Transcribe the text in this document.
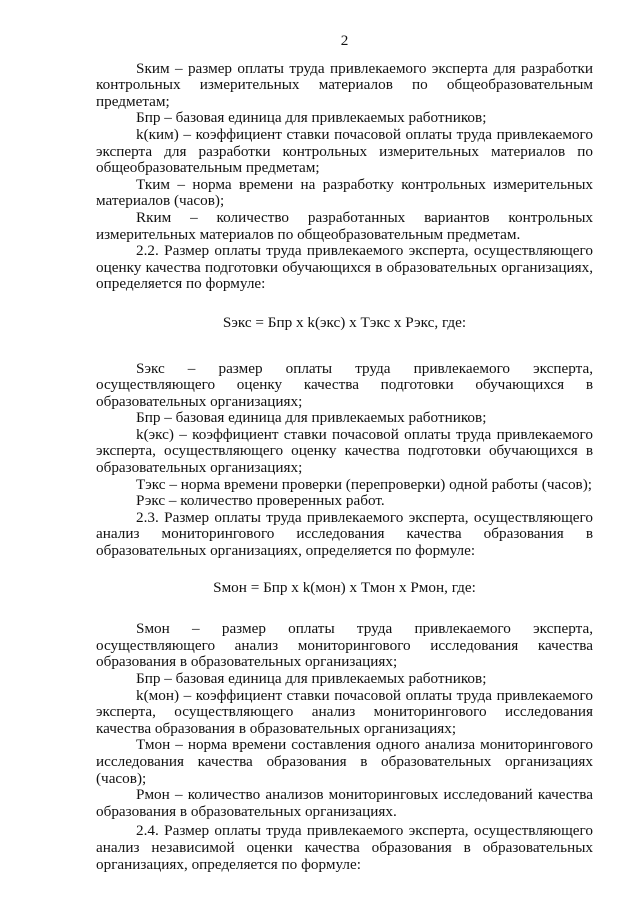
2

Sким – размер оплаты труда привлекаемого эксперта для разработки контрольных измерительных материалов по общеобразовательным предметам;

Бпр – базовая единица для привлекаемых работников;

k(ким) – коэффициент ставки почасовой оплаты труда привлекаемого эксперта для разработки контрольных измерительных материалов по общеобразовательным предметам;

Тким – норма времени на разработку контрольных измерительных материалов (часов);

Rким – количество разработанных вариантов контрольных измерительных материалов по общеобразовательным предметам.

2.2. Размер оплаты труда привлекаемого эксперта, осуществляющего оценку качества подготовки обучающихся в образовательных организациях, определяется по формуле:

Sэкс = Бпр x k(экс) x Тэкс x Рэкс, где:

Sэкс – размер оплаты труда привлекаемого эксперта, осуществляющего оценку качества подготовки обучающихся в образовательных организациях;

Бпр – базовая единица для привлекаемых работников;

k(экс) – коэффициент ставки почасовой оплаты труда привлекаемого эксперта, осуществляющего оценку качества подготовки обучающихся в образовательных организациях;

Тэкс – норма времени проверки (перепроверки) одной работы (часов);

Рэкс – количество проверенных работ.

2.3. Размер оплаты труда привлекаемого эксперта, осуществляющего анализ мониторингового исследования качества образования в образовательных организациях, определяется по формуле:

Sмон = Бпр x k(мон) x Тмон x Рмон, где:

Sмон – размер оплаты труда привлекаемого эксперта, осуществляющего анализ мониторингового исследования качества образования в образовательных организациях;

Бпр – базовая единица для привлекаемых работников;

k(мон) – коэффициент ставки почасовой оплаты труда привлекаемого эксперта, осуществляющего анализ мониторингового исследования качества образования в образовательных организациях;

Тмон – норма времени составления одного анализа мониторингового исследования качества образования в образовательных организациях (часов);

Рмон – количество анализов мониторинговых исследований качества образования в образовательных организациях.

2.4. Размер оплаты труда привлекаемого эксперта, осуществляющего анализ независимой оценки качества образования в образовательных организациях, определяется по формуле:
